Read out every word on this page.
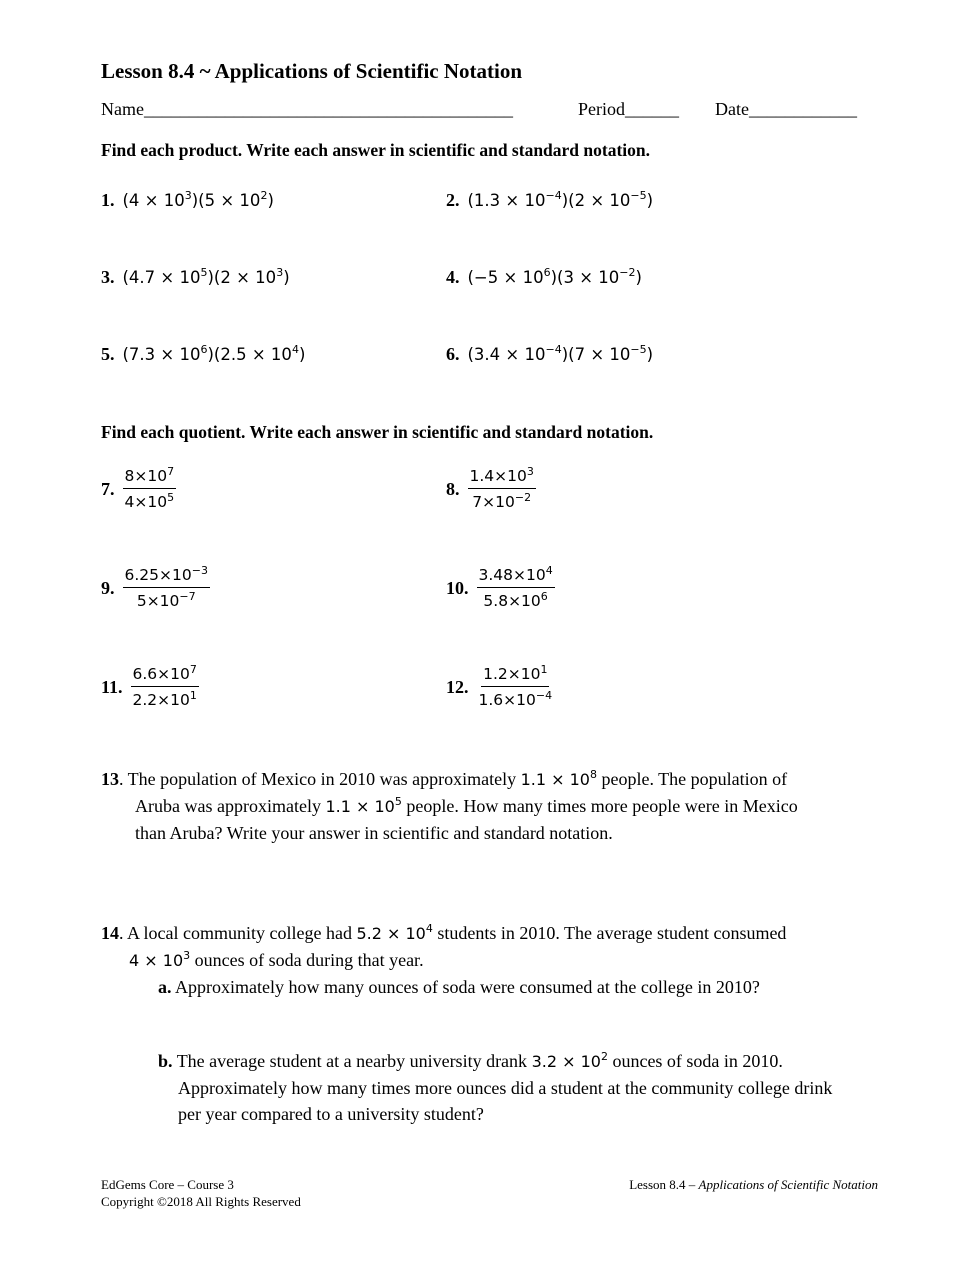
Lesson 8.4 ~ Applications of Scientific Notation
Name_________________________________________	Period______ Date____________
Find each product. Write each answer in scientific and standard notation.
1. $(4 \times 10^3)(5 \times 10^2)$	2. $(1.3 \times 10^{-4})(2 \times 10^{-5})$
3. $(4.7 \times 10^5)(2 \times 10^3)$	4. $(-5 \times 10^6)(3 \times 10^{-2})$
5. $(7.3 \times 10^6)(2.5 \times 10^4)$	6. $(3.4 \times 10^{-4})(7 \times 10^{-5})$
Find each quotient. Write each answer in scientific and standard notation.
7. $\frac{8\times 10^7}{4\times 10^5}$	8. $\frac{1.4\times 10^3}{7\times 10^{-2}}$
9. $\frac{6.25\times 10^{-3}}{5\times 10^{-7}}$	10. $\frac{3.48\times 10^4}{5.8\times 10^6}$
11. $\frac{6.6\times 10^7}{2.2\times 10^1}$	12. $\frac{1.2\times 10^1}{1.6\times 10^{-4}}$
13. The population of Mexico in 2010 was approximately $1.1 \times 10^8$ people. The population of
Aruba was approximately $1.1 \times 10^5$ people. How many times more people were in Mexico
than Aruba? Write your answer in scientific and standard notation.
14. A local community college had $5.2 \times 10^4$ students in 2010. The average student consumed
$4 \times 10^3$ ounces of soda during that year.
a. Approximately how many ounces of soda were consumed at the college in 2010?
b. The average student at a nearby university drank $3.2 \times 10^2$ ounces of soda in 2010.
Approximately how many times more ounces did a student at the community college drink
per year compared to a university student?
EdGems Core – Course 3
Copyright ©2018 All Rights Reserved
Lesson 8.4 – Applications of Scientific Notation
